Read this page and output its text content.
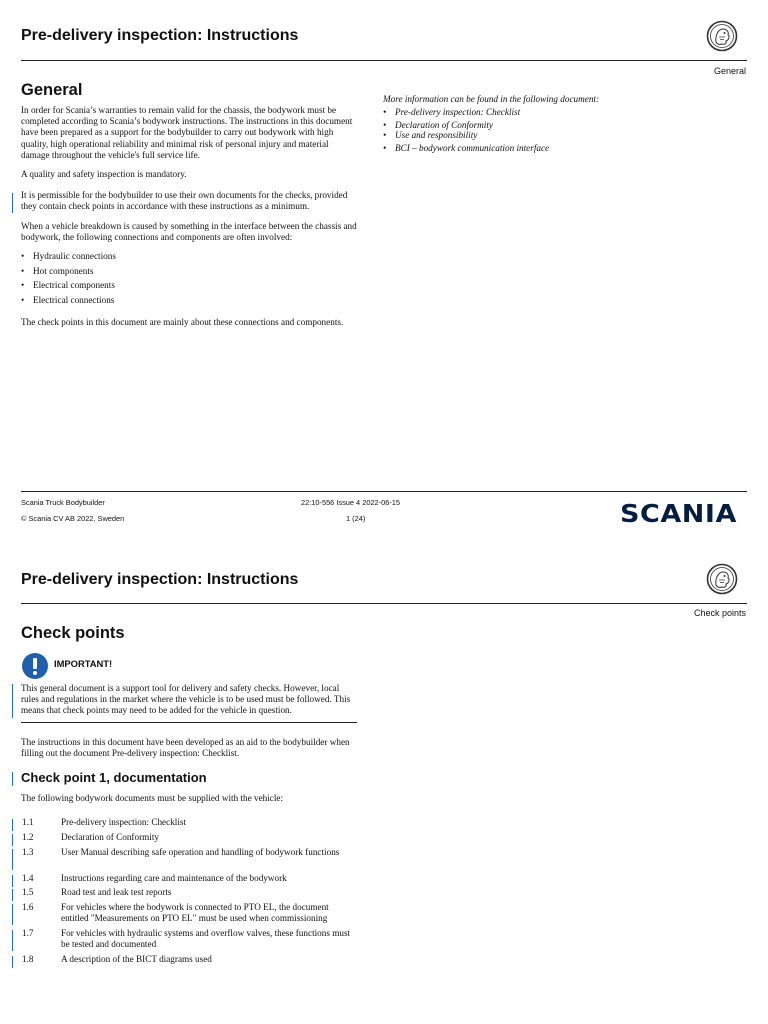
Pre-delivery inspection: Instructions
General
General
In order for Scania’s warranties to remain valid for the chassis, the bodywork must be completed according to Scania’s bodywork instructions. The instructions in this document have been prepared as a support for the bodybuilder to carry out bodywork with high quality, high operational reliability and minimal risk of personal injury and material damage throughout the vehicle's full service life.
A quality and safety inspection is mandatory.
It is permissible for the bodybuilder to use their own documents for the checks, provided they contain check points in accordance with these instructions as a minimum.
When a vehicle breakdown is caused by something in the interface between the chassis and bodywork, the following connections and components are often involved:
• Hydraulic connections
• Hot components
• Electrical components
• Electrical connections
The check points in this document are mainly about these connections and components.
More information can be found in the following document:
• Pre-delivery inspection: Checklist
• Declaration of Conformity
• Use and responsibility
• BCI – bodywork communication interface
Scania Truck Bodybuilder
© Scania CV AB 2022, Sweden
22:10-556 Issue 4 2022-06-15
1 (24)	SCANIA
Pre-delivery inspection: Instructions
Check points
Check points
IMPORTANT!
This general document is a support tool for delivery and safety checks. However, local rules and regulations in the market where the vehicle is to be used must be followed. This means that check points may need to be added for the vehicle in question.
The instructions in this document have been developed as an aid to the bodybuilder when filling out the document Pre-delivery inspection: Checklist.
Check point 1, documentation
The following bodywork documents must be supplied with the vehicle:
1.1	Pre-delivery inspection: Checklist
1.2	Declaration of Conformity
1.3	User Manual describing safe operation and handling of bodywork functions
1.4	Instructions regarding care and maintenance of the bodywork
1.5	Road test and leak test reports
1.6	For vehicles where the bodywork is connected to PTO EL, the document entitled "Measurements on PTO EL" must be used when commissioning
1.7	For vehicles with hydraulic systems and overflow valves, these functions must be tested and documented
1.8	A description of the BICT diagrams used
